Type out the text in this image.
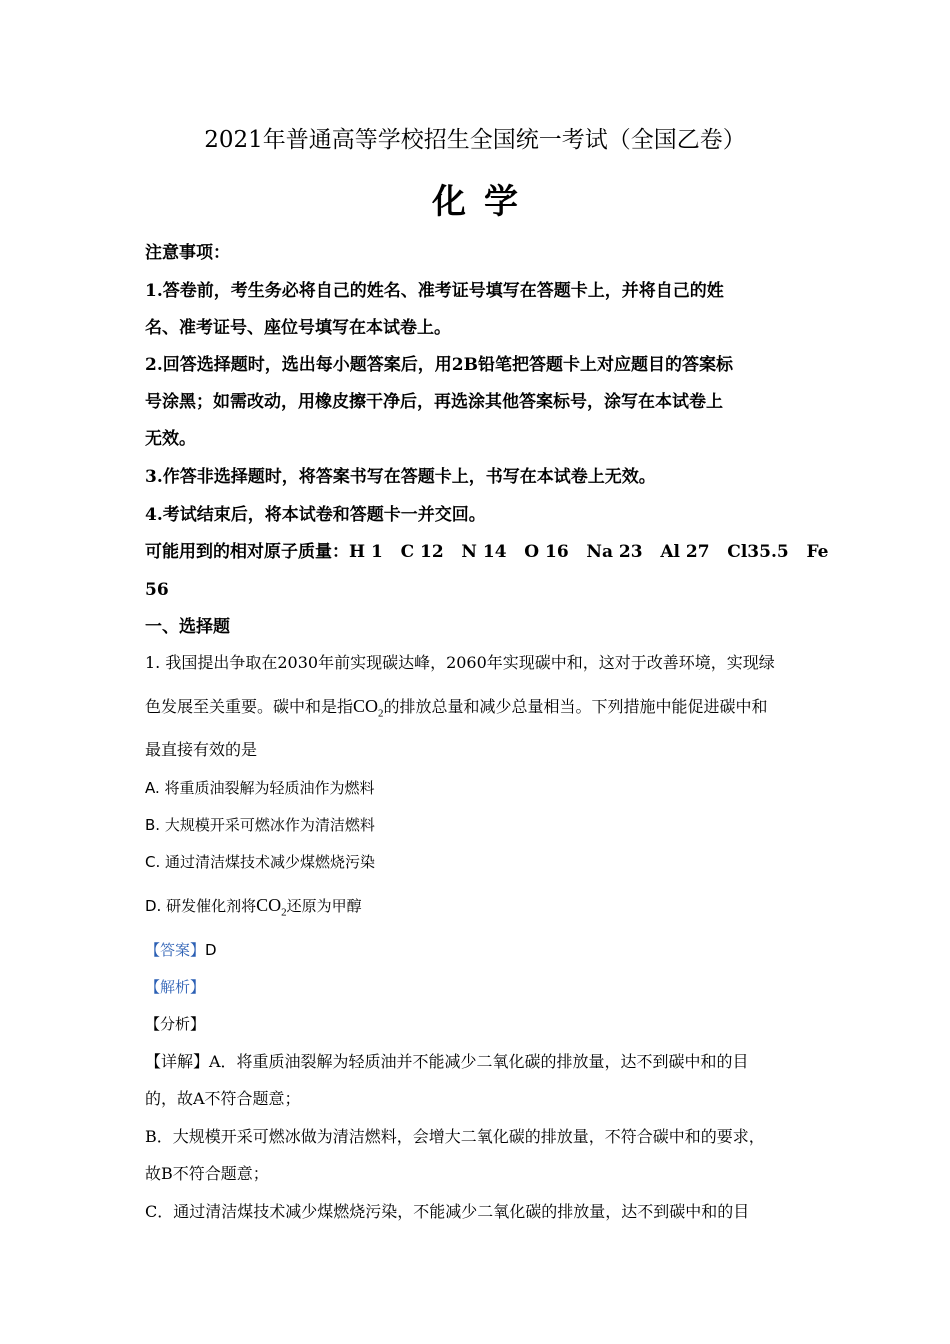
2021年普通高等学校招生全国统一考试（全国乙卷）
化学
注意事项：
1.答卷前，考生务必将自己的姓名、准考证号填写在答题卡上，并将自己的姓
名、准考证号、座位号填写在本试卷上。
2.回答选择题时，选出每小题答案后，用2B铅笔把答题卡上对应题目的答案标
号涂黑；如需改动，用橡皮擦干净后，再选涂其他答案标号，涂写在本试卷上
无效。
3.作答非选择题时，将答案书写在答题卡上，书写在本试卷上无效。
4.考试结束后，将本试卷和答题卡一并交回。
可能用到的相对原子质量：H 1   C 12   N 14   O 16   Na 23   Al 27   Cl35.5   Fe
56
一、选择题
1. 我国提出争取在2030年前实现碳达峰，2060年实现碳中和，这对于改善环境，实现绿
色发展至关重要。碳中和是指$CO_2$的排放总量和减少总量相当。下列措施中能促进碳中和
最直接有效的是
A. 将重质油裂解为轻质油作为燃料
B. 大规模开采可燃冰作为清洁燃料
C. 通过清洁煤技术减少煤燃烧污染
D. 研发催化剂将$CO_2$还原为甲醇
【答案】D
【解析】
【分析】
【详解】A．将重质油裂解为轻质油并不能减少二氧化碳的排放量，达不到碳中和的目
的，故A不符合题意；
B．大规模开采可燃冰做为清洁燃料，会增大二氧化碳的排放量，不符合碳中和的要求，
故B不符合题意；
C．通过清洁煤技术减少煤燃烧污染，不能减少二氧化碳的排放量，达不到碳中和的目
